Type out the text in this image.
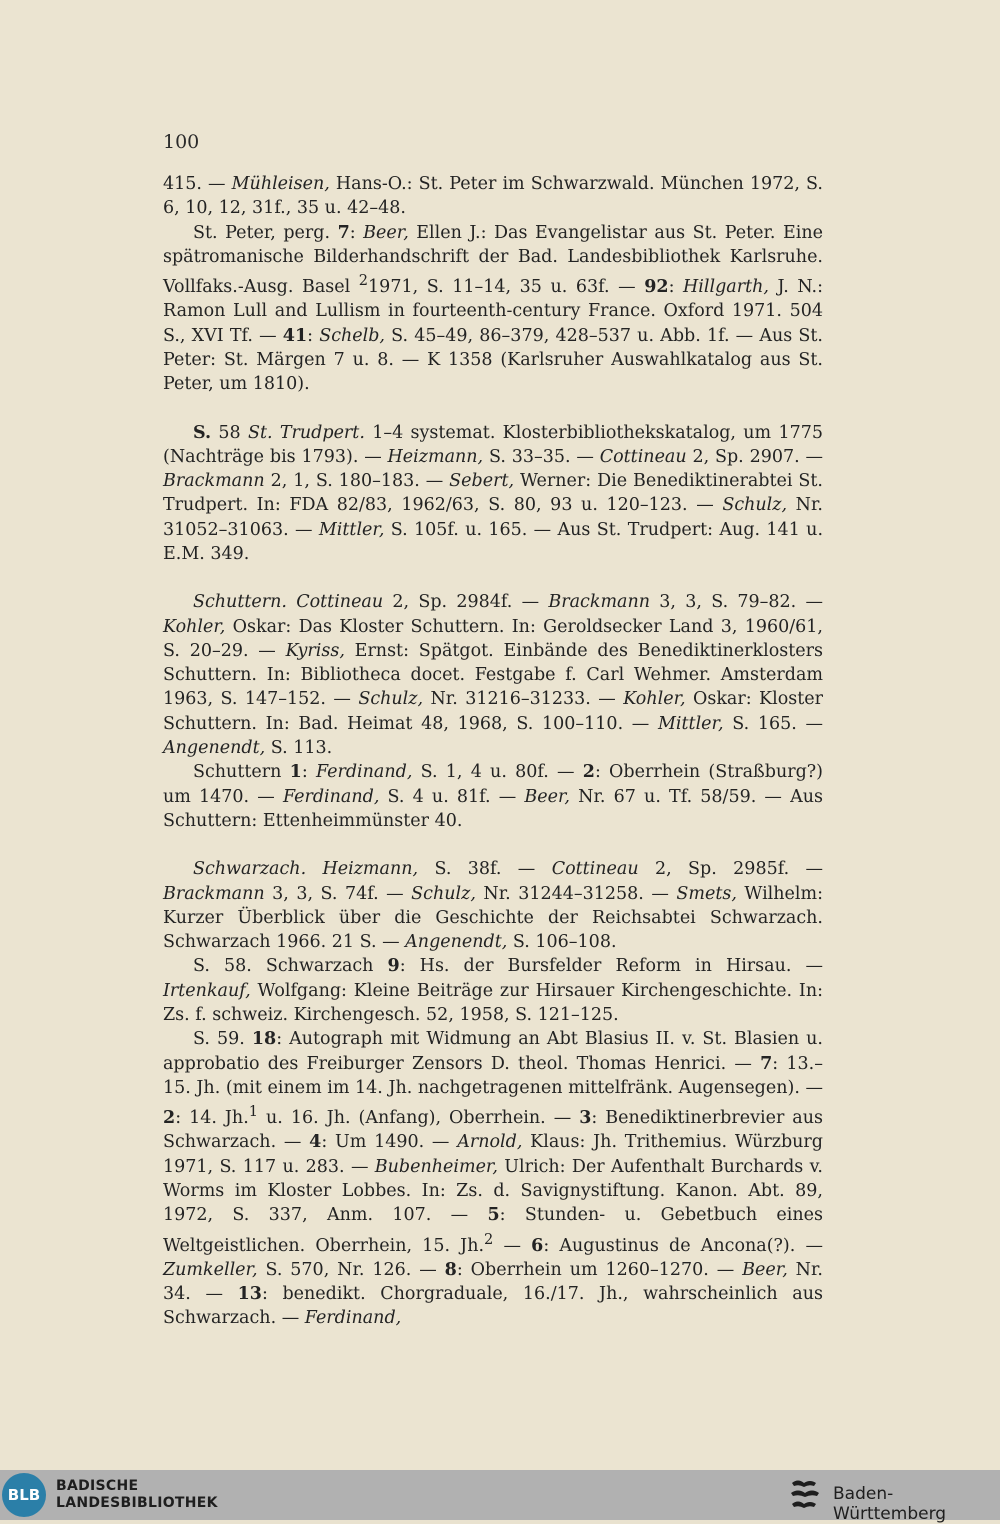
100

415. — Mühleisen, Hans-O.: St. Peter im Schwarzwald. München 1972, S. 6, 10, 12, 31f., 35 u. 42–48.

St. Peter, perg. 7: Beer, Ellen J.: Das Evangelistar aus St. Peter. Eine spätromanische Bilderhandschrift der Bad. Landesbibliothek Karlsruhe. Vollfaks.-Ausg. Basel $^2$1971, S. 11–14, 35 u. 63f. — 92: Hillgarth, J. N.: Ramon Lull and Lullism in fourteenth-century France. Oxford 1971. 504 S., XVI Tf. — 41: Schelb, S. 45–49, 86–379, 428–537 u. Abb. 1f. — Aus St. Peter: St. Märgen 7 u. 8. — K 1358 (Karlsruher Auswahlkatalog aus St. Peter, um 1810).

S. 58 St. Trudpert. 1–4 systemat. Klosterbibliothekskatalog, um 1775 (Nachträge bis 1793). — Heizmann, S. 33–35. — Cottineau 2, Sp. 2907. — Brackmann 2, 1, S. 180–183. — Sebert, Werner: Die Benediktinerabtei St. Trudpert. In: FDA 82/83, 1962/63, S. 80, 93 u. 120–123. — Schulz, Nr. 31052–31063. — Mittler, S. 105f. u. 165. — Aus St. Trudpert: Aug. 141 u. E.M. 349.

Schuttern. Cottineau 2, Sp. 2984f. — Brackmann 3, 3, S. 79–82. — Kohler, Oskar: Das Kloster Schuttern. In: Geroldsecker Land 3, 1960/61, S. 20–29. — Kyriss, Ernst: Spätgot. Einbände des Benediktinerklosters Schuttern. In: Bibliotheca docet. Festgabe f. Carl Wehmer. Amsterdam 1963, S. 147–152. — Schulz, Nr. 31216–31233. — Kohler, Oskar: Kloster Schuttern. In: Bad. Heimat 48, 1968, S. 100–110. — Mittler, S. 165. — Angenendt, S. 113.

Schuttern 1: Ferdinand, S. 1, 4 u. 80f. — 2: Oberrhein (Straßburg?) um 1470. — Ferdinand, S. 4 u. 81f. — Beer, Nr. 67 u. Tf. 58/59. — Aus Schuttern: Ettenheimmünster 40.

Schwarzach. Heizmann, S. 38f. — Cottineau 2, Sp. 2985f. — Brackmann 3, 3, S. 74f. — Schulz, Nr. 31244–31258. — Smets, Wilhelm: Kurzer Überblick über die Geschichte der Reichsabtei Schwarzach. Schwarzach 1966. 21 S. — Angenendt, S. 106–108.

S. 58. Schwarzach 9: Hs. der Bursfelder Reform in Hirsau. — Irtenkauf, Wolfgang: Kleine Beiträge zur Hirsauer Kirchengeschichte. In: Zs. f. schweiz. Kirchengesch. 52, 1958, S. 121–125.

S. 59. 18: Autograph mit Widmung an Abt Blasius II. v. St. Blasien u. approbatio des Freiburger Zensors D. theol. Thomas Henrici. — 7: 13.–15. Jh. (mit einem im 14. Jh. nachgetragenen mittelfränk. Augensegen). — 2: 14. Jh.$^1$ u. 16. Jh. (Anfang), Oberrhein. — 3: Benediktinerbrevier aus Schwarzach. — 4: Um 1490. — Arnold, Klaus: Jh. Trithemius. Würzburg 1971, S. 117 u. 283. — Bubenheimer, Ulrich: Der Aufenthalt Burchards v. Worms im Kloster Lobbes. In: Zs. d. Savignystiftung. Kanon. Abt. 89, 1972, S. 337, Anm. 107. — 5: Stunden- u. Gebetbuch eines Weltgeistlichen. Oberrhein, 15. Jh.$^2$ — 6: Augustinus de Ancona(?). — Zumkeller, S. 570, Nr. 126. — 8: Oberrhein um 1260–1270. — Beer, Nr. 34. — 13: benedikt. Chorgraduale, 16./17. Jh., wahrscheinlich aus Schwarzach. — Ferdinand,

BLB	BADISCHE
LANDESBIBLIOTHEK	Baden-Württemberg
